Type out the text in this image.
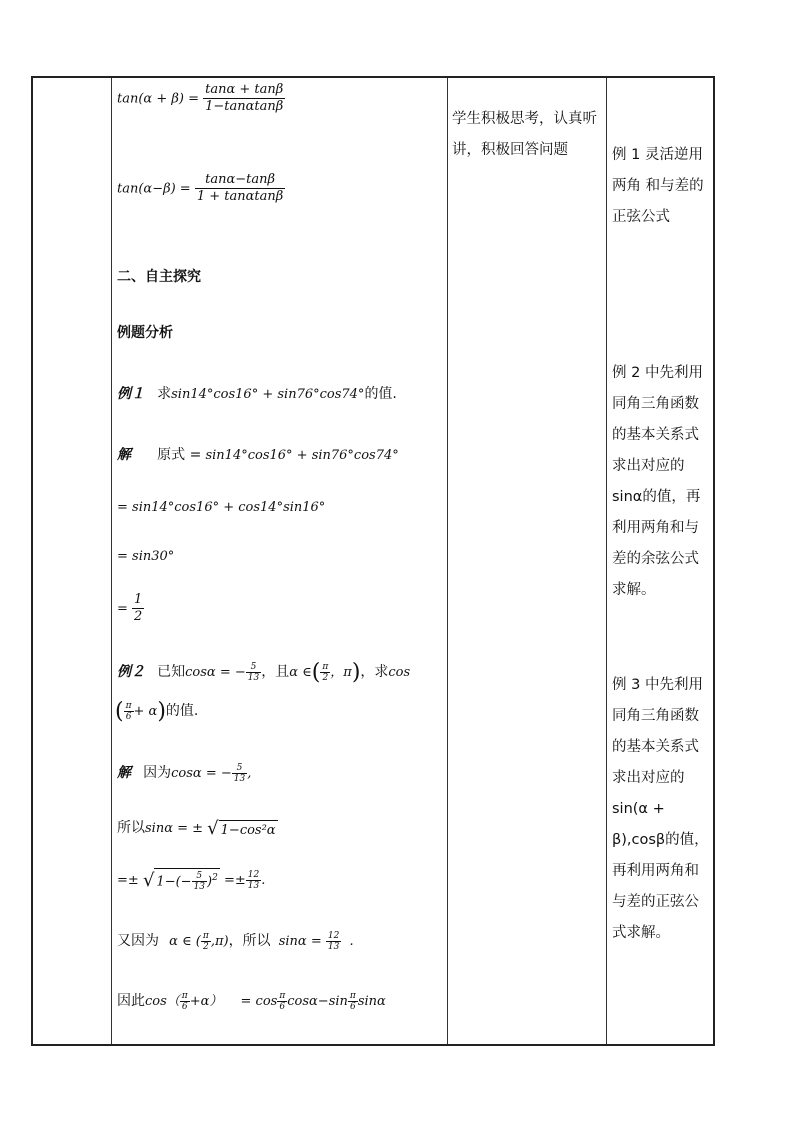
$\tan(\alpha + \beta) = \frac{\tan\alpha + \tan\beta}{1-\tan\alpha\tan\beta}$
$\tan(\alpha-\beta) = \frac{\tan\alpha-\tan\beta}{1 + \tan\alpha\tan\beta}$
二、自主探究
例题分析
例１ 求sin14°cos16° + sin76°cos74°的值.
解 原式 = sin14°cos16° + sin76°cos74°
= sin14°cos16° + cos14°sin16°
= sin30°
= $\frac{1}{2}$
例２ 已知cosα = − $\frac{5}{13}$ ，且α ∈( $\frac{\pi}{2}$ ，π)，求cos
( $\frac{\pi}{6} + \alpha$)的值.
解 因为cosα = − $\frac{5}{13}$ ,
所以sinα = ± √ 1−cos²α
=± √ $1-(- \frac{5}{13} )^2 =\pm \frac{12}{13}$ .
又因为 α ∈ ( $\frac{\pi}{2} ,\pi$)，所以 $\sin\alpha = \frac{12}{13}$ .
因此$\cos( \frac{\pi}{6} +\alpha) = \cos \frac{\pi}{6} \cos\alpha-\sin \frac{\pi}{6}$ sinα
学生积极思考，认真听讲，积极回答问题	例 1 灵活逆用两角 和与差的正弦公式
例 2 中先利用同角三角函数的基本关系式求出对应的sinα的值，再利用两角和与差的余弦公式求解。
例 3 中先利用同角三角函数的基本关系式求出对应的sin(α + β),cosβ的值，再利用两角和与差的正弦公式求解。
